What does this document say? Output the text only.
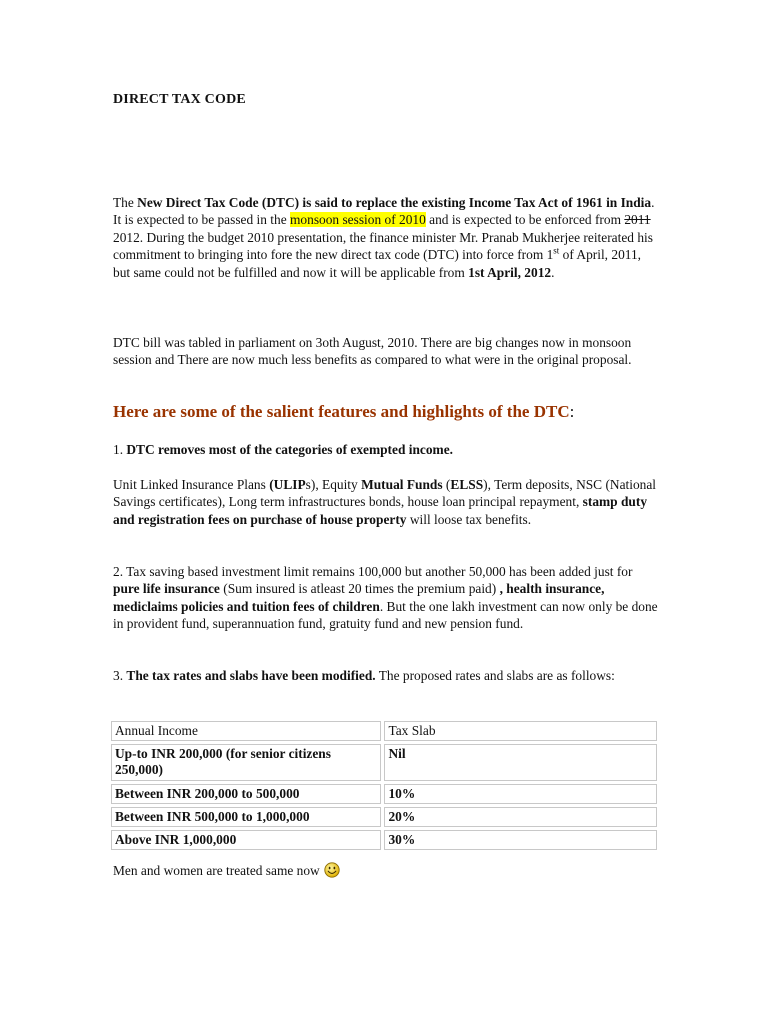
DIRECT TAX CODE

The New Direct Tax Code (DTC) is said to replace the existing Income Tax Act of 1961 in India. It is expected to be passed in the monsoon session of 2010 and is expected to be enforced from 2011 2012. During the budget 2010 presentation, the finance minister Mr. Pranab Mukherjee reiterated his commitment to bringing into fore the new direct tax code (DTC) into force from 1st of April, 2011, but same could not be fulfilled and now it will be applicable from 1st April, 2012.

DTC bill was tabled in parliament on 3oth August, 2010. There are big changes now in monsoon session and There are now much less benefits as compared to what were in the original proposal.

Here are some of the salient features and highlights of the DTC:

1. DTC removes most of the categories of exempted income.

Unit Linked Insurance Plans (ULIPs), Equity Mutual Funds (ELSS), Term deposits, NSC (National Savings certificates), Long term infrastructures bonds, house loan principal repayment, stamp duty and registration fees on purchase of house property will loose tax benefits.

2. Tax saving based investment limit remains 100,000 but another 50,000 has been added just for pure life insurance (Sum insured is atleast 20 times the premium paid) , health insurance, mediclaims policies and tuition fees of children. But the one lakh investment can now only be done in provident fund, superannuation fund, gratuity fund and new pension fund.

3. The tax rates and slabs have been modified. The proposed rates and slabs are as follows:

Annual Income	Tax Slab
Up-to INR 200,000 (for senior citizens 250,000)	Nil
Between INR 200,000 to 500,000	10%
Between INR 500,000 to 1,000,000	20%
Above INR 1,000,000	30%

Men and women are treated same now
